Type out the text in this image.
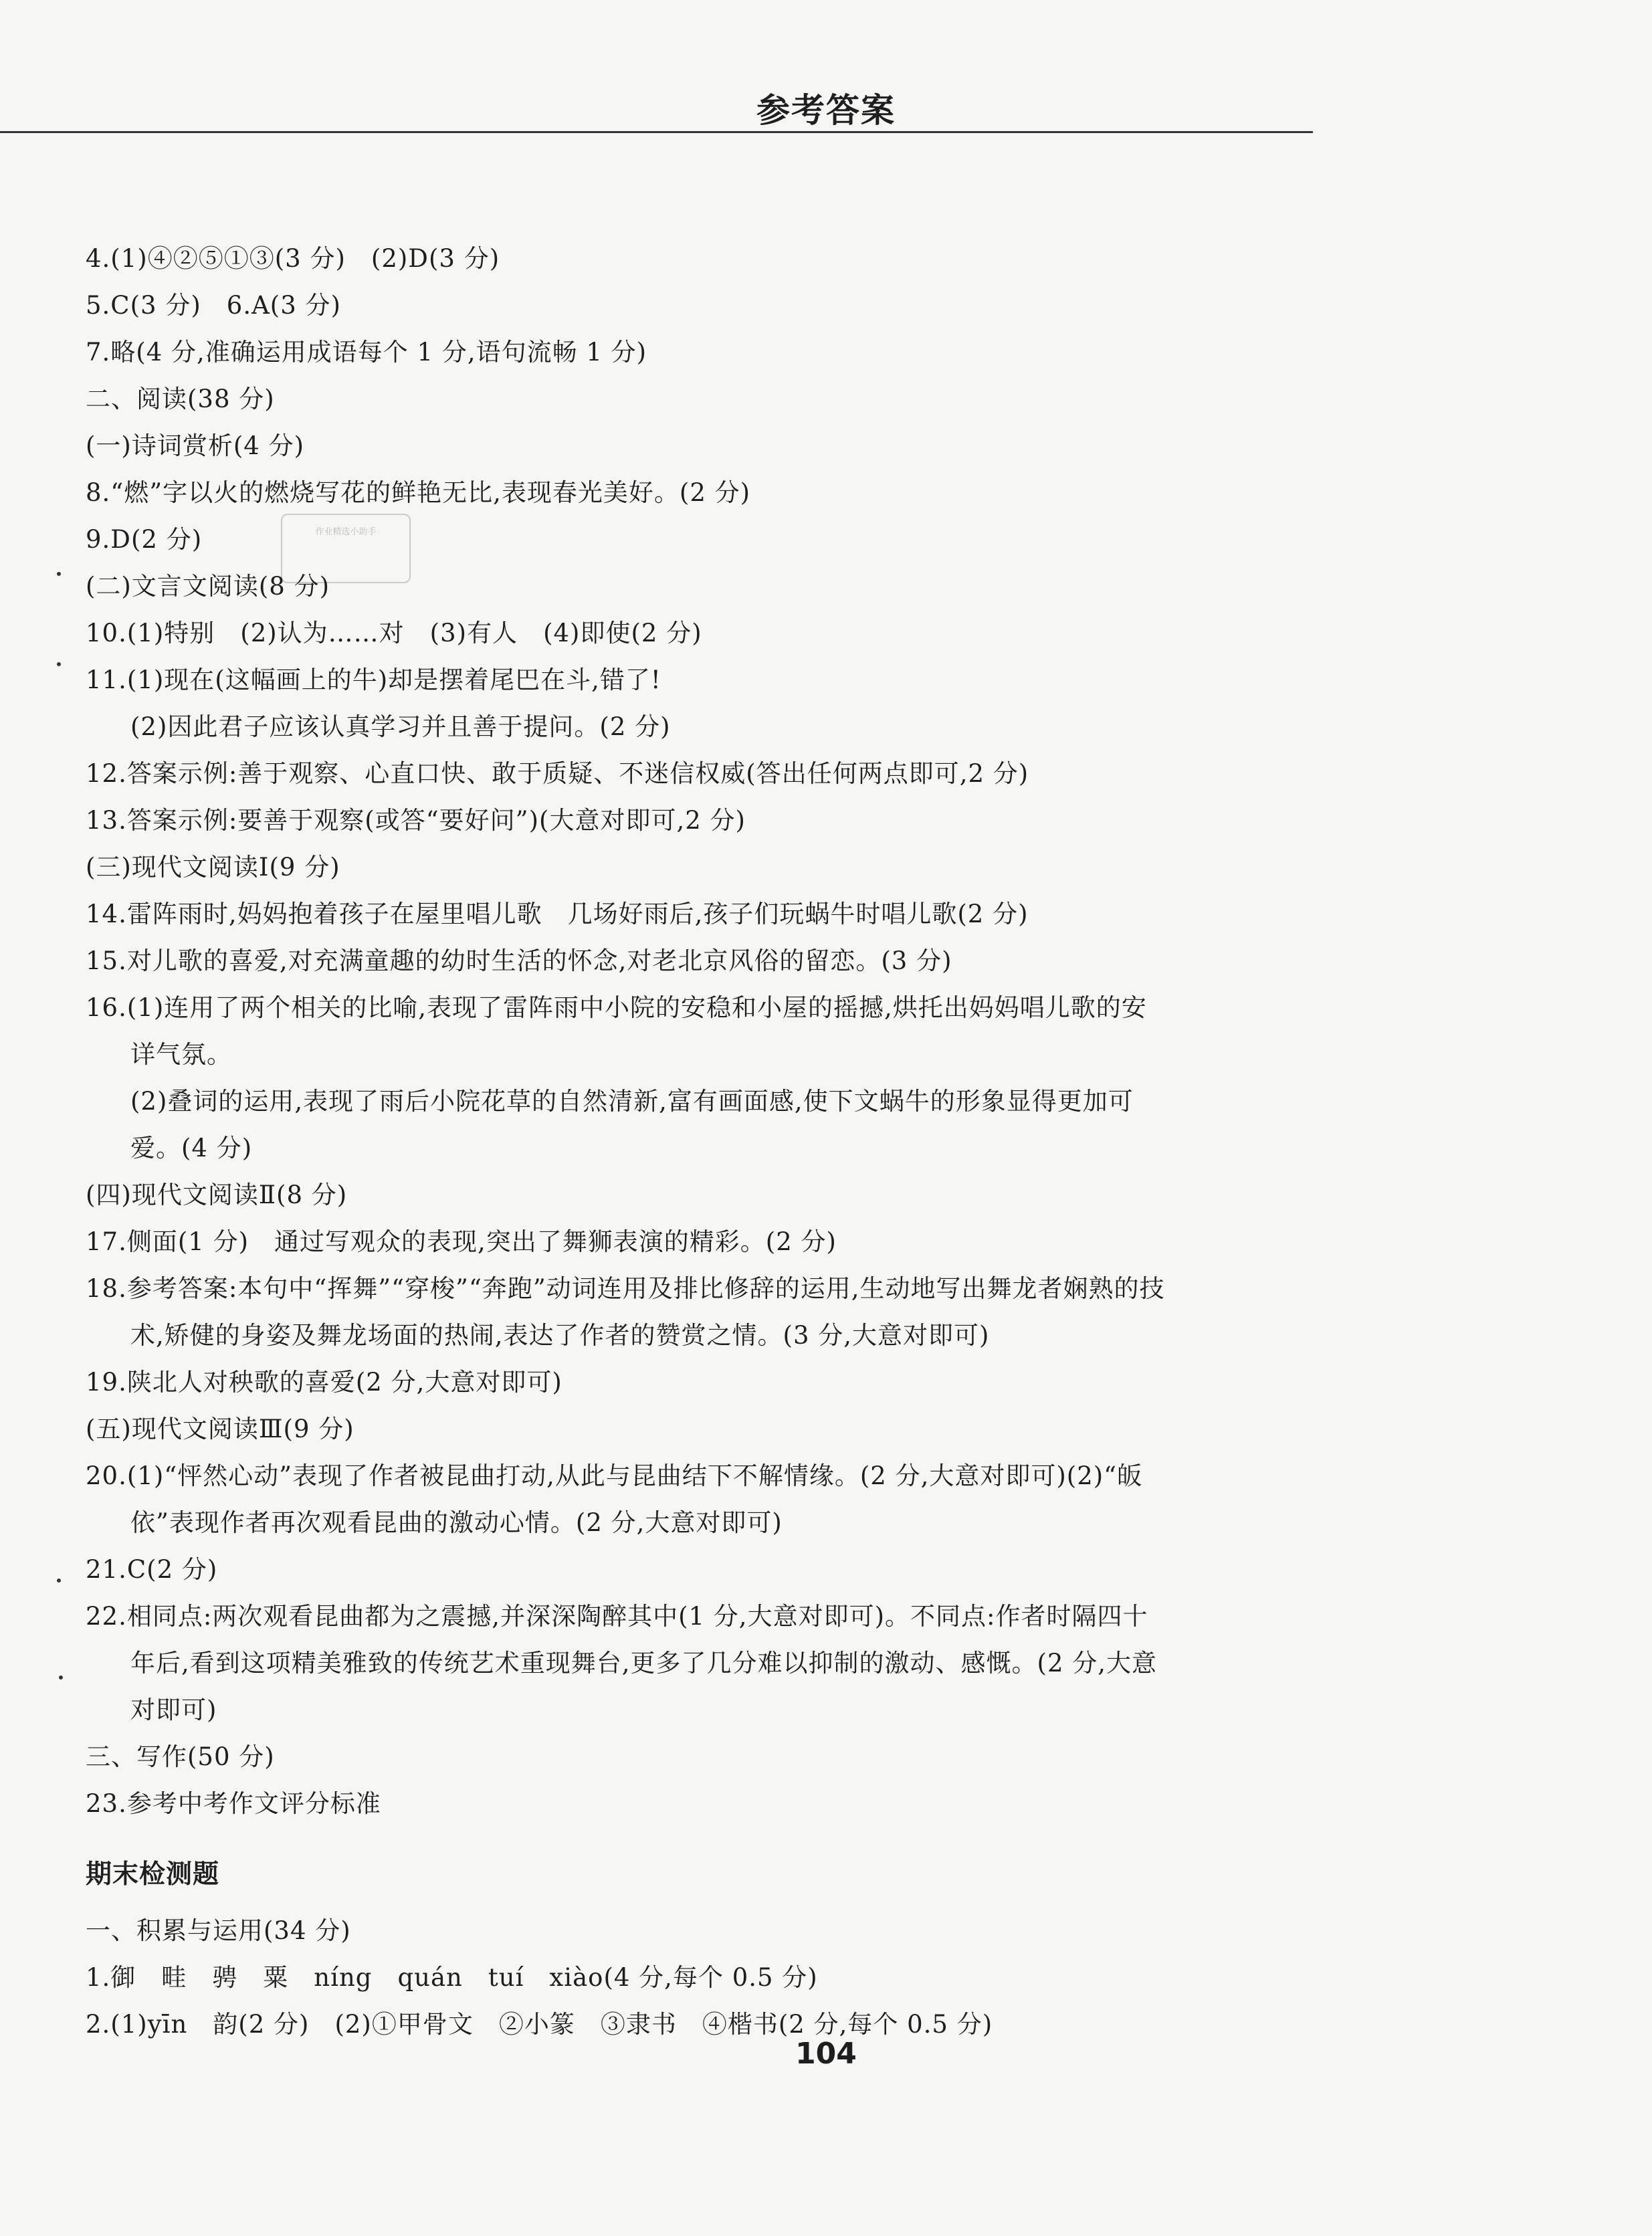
参考答案
作业精选小助手
4.(1)④②⑤①③(3 分)　(2)D(3 分)
5.C(3 分)　6.A(3 分)
7.略(4 分,准确运用成语每个 1 分,语句流畅 1 分)
二、阅读(38 分)
(一)诗词赏析(4 分)
8.“燃”字以火的燃烧写花的鲜艳无比,表现春光美好。(2 分)
9.D(2 分)
(二)文言文阅读(8 分)
10.(1)特别　(2)认为……对　(3)有人　(4)即使(2 分)
11.(1)现在(这幅画上的牛)却是摆着尾巴在斗,错了!
(2)因此君子应该认真学习并且善于提问。(2 分)
12.答案示例:善于观察、心直口快、敢于质疑、不迷信权威(答出任何两点即可,2 分)
13.答案示例:要善于观察(或答“要好问”)(大意对即可,2 分)
(三)现代文阅读Ⅰ(9 分)
14.雷阵雨时,妈妈抱着孩子在屋里唱儿歌　几场好雨后,孩子们玩蜗牛时唱儿歌(2 分)
15.对儿歌的喜爱,对充满童趣的幼时生活的怀念,对老北京风俗的留恋。(3 分)
16.(1)连用了两个相关的比喻,表现了雷阵雨中小院的安稳和小屋的摇撼,烘托出妈妈唱儿歌的安
详气氛。
(2)叠词的运用,表现了雨后小院花草的自然清新,富有画面感,使下文蜗牛的形象显得更加可
爱。(4 分)
(四)现代文阅读Ⅱ(8 分)
17.侧面(1 分)　通过写观众的表现,突出了舞狮表演的精彩。(2 分)
18.参考答案:本句中“挥舞”“穿梭”“奔跑”动词连用及排比修辞的运用,生动地写出舞龙者娴熟的技
术,矫健的身姿及舞龙场面的热闹,表达了作者的赞赏之情。(3 分,大意对即可)
19.陕北人对秧歌的喜爱(2 分,大意对即可)
(五)现代文阅读Ⅲ(9 分)
20.(1)“怦然心动”表现了作者被昆曲打动,从此与昆曲结下不解情缘。(2 分,大意对即可)(2)“皈
依”表现作者再次观看昆曲的激动心情。(2 分,大意对即可)
21.C(2 分)
22.相同点:两次观看昆曲都为之震撼,并深深陶醉其中(1 分,大意对即可)。不同点:作者时隔四十
年后,看到这项精美雅致的传统艺术重现舞台,更多了几分难以抑制的激动、感慨。(2 分,大意
对即可)
三、写作(50 分)
23.参考中考作文评分标准
期末检测题
一、积累与运用(34 分)
1.御　畦　骋　粟　níng　quán　tuí　xiào(4 分,每个 0.5 分)
2.(1)yīn　韵(2 分)　(2)①甲骨文　②小篆　③隶书　④楷书(2 分,每个 0.5 分)
104
